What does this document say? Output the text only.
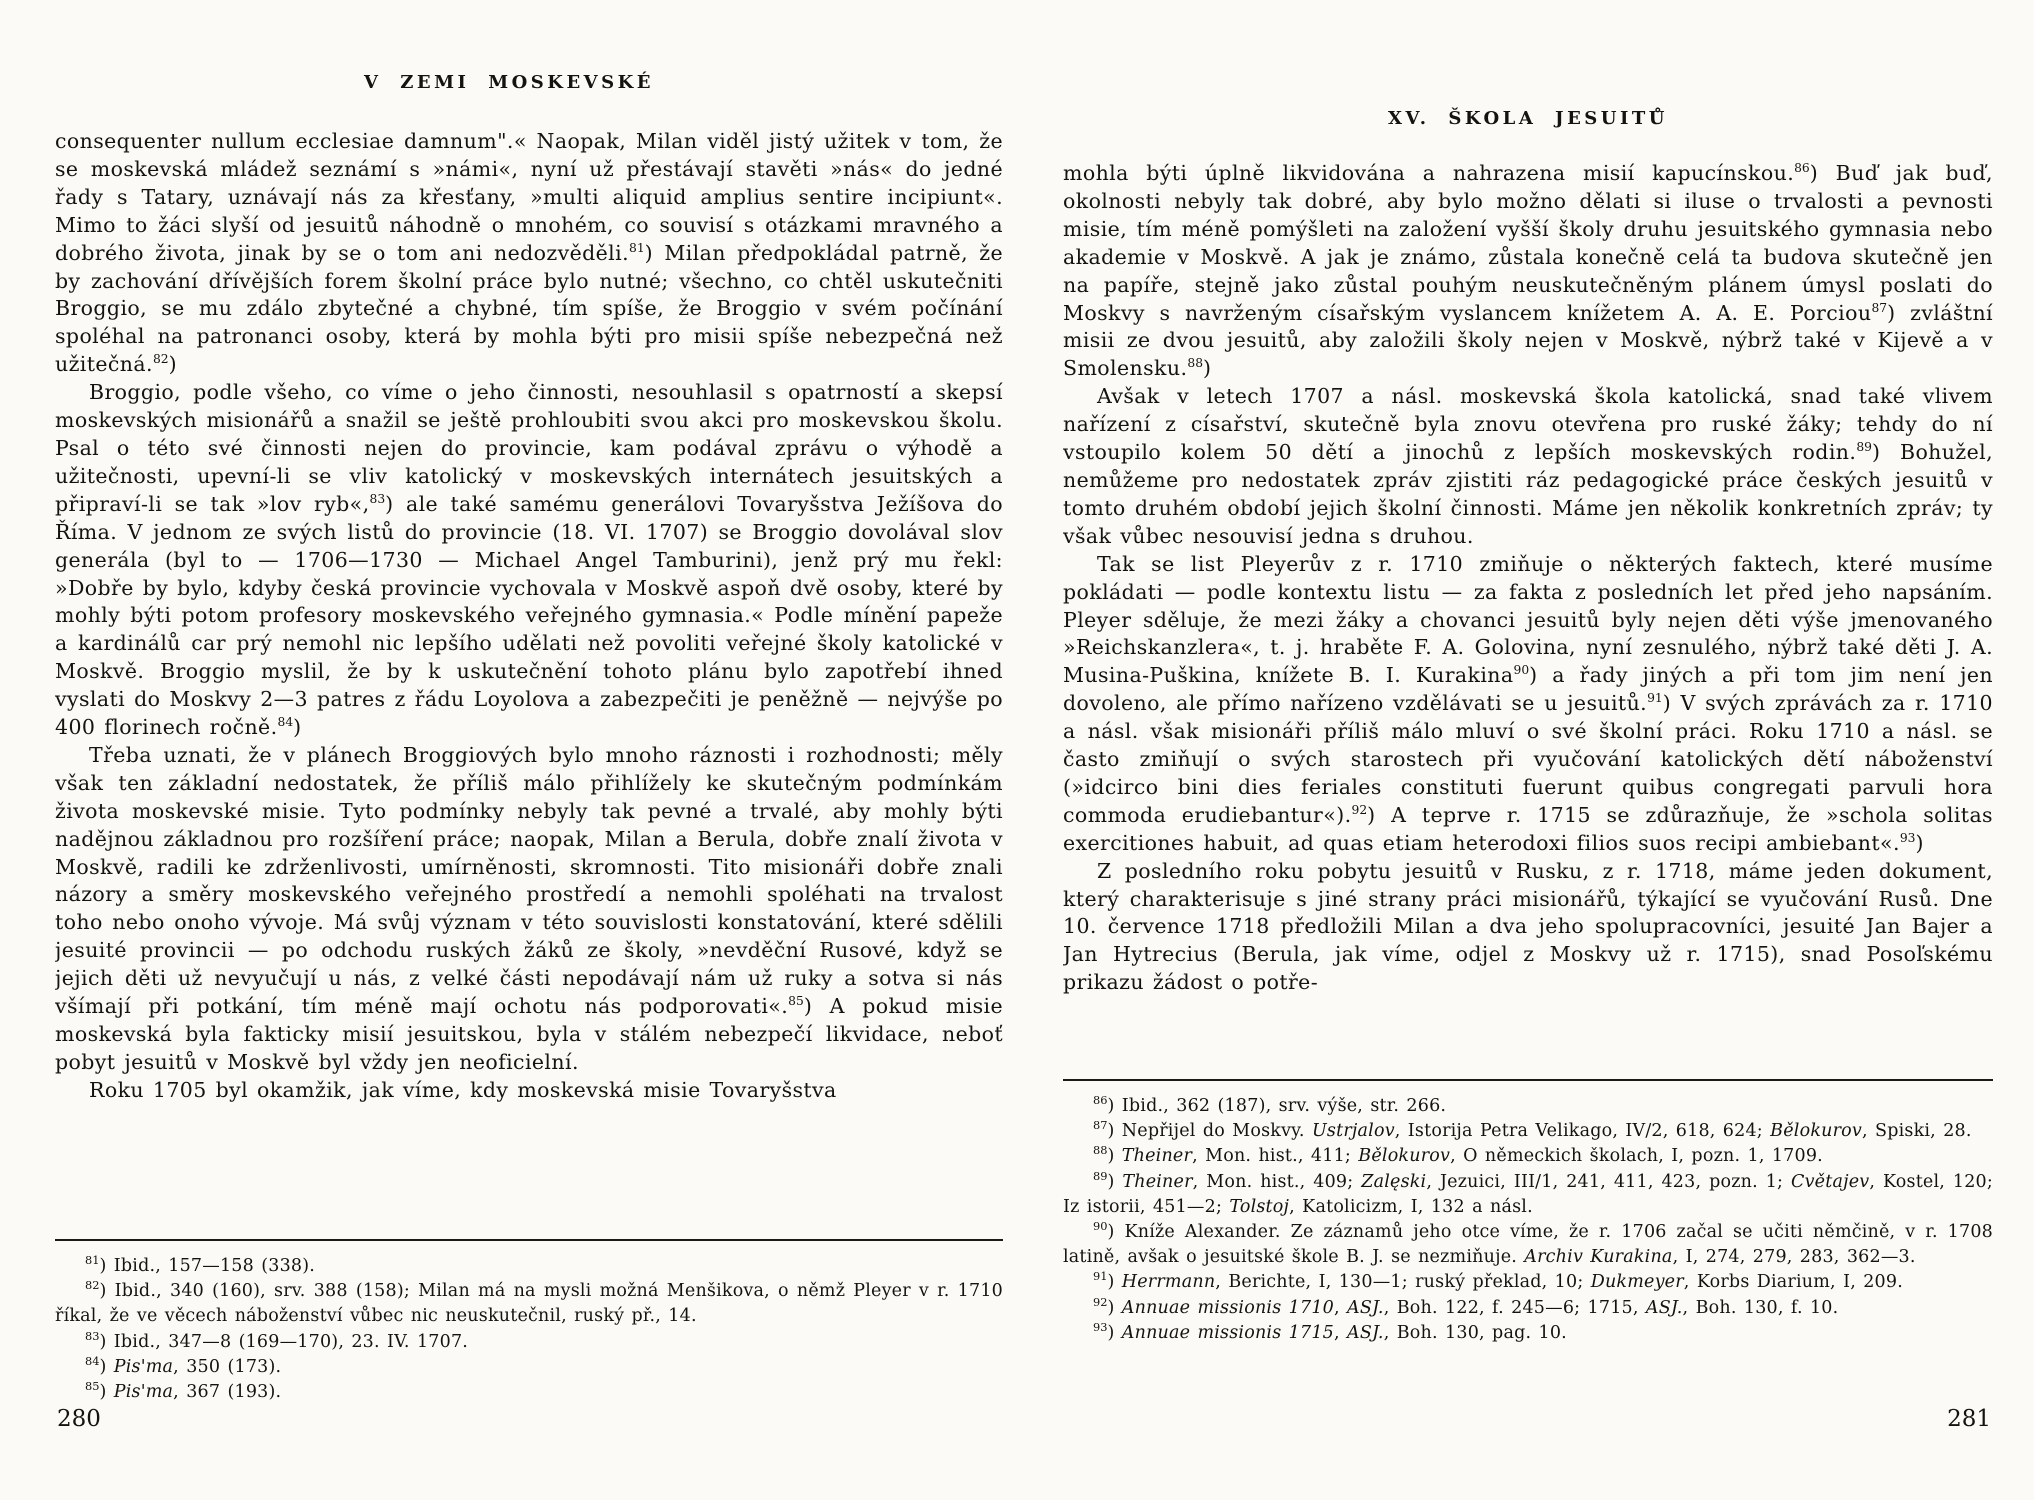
V ZEMI MOSKEVSKÉ

consequenter nullum ecclesiae damnum".« Naopak, Milan viděl jistý užitek v tom, že se moskevská mládež seznámí s »námi«, nyní už přestávají stavěti »nás« do jedné řady s Tatary, uznávají nás za křesťany, »multi aliquid amplius sentire incipiunt«. Mimo to žáci slyší od jesuitů náhodně o mnohém, co souvisí s otázkami mravného a dobrého života, jinak by se o tom ani nedozvěděli.$^{81}$) Milan předpokládal patrně, že by zachování dřívějších forem školní práce bylo nutné; všechno, co chtěl uskutečniti Broggio, se mu zdálo zbytečné a chybné, tím spíše, že Broggio v svém počínání spoléhal na patronanci osoby, která by mohla býti pro misii spíše nebezpečná než užitečná.$^{82}$)

Broggio, podle všeho, co víme o jeho činnosti, nesouhlasil s opatrností a skepsí moskevských misionářů a snažil se ještě prohloubiti svou akci pro moskevskou školu. Psal o této své činnosti nejen do provincie, kam podával zprávu o výhodě a užitečnosti, upevní-li se vliv katolický v moskevských internátech jesuitských a připraví-li se tak »lov ryb«,$^{83}$) ale také samému generálovi Tovaryšstva Ježíšova do Říma. V jednom ze svých listů do provincie (18. VI. 1707) se Broggio dovolával slov generála (byl to — 1706—1730 — Michael Angel Tamburini), jenž prý mu řekl: »Dobře by bylo, kdyby česká provincie vychovala v Moskvě aspoň dvě osoby, které by mohly býti potom profesory moskevského veřejného gymnasia.« Podle mínění papeže a kardinálů car prý nemohl nic lepšího udělati než povoliti veřejné školy katolické v Moskvě. Broggio myslil, že by k uskutečnění tohoto plánu bylo zapotřebí ihned vyslati do Moskvy 2—3 patres z řádu Loyolova a zabezpečiti je peněžně — nejvýše po 400 florinech ročně.$^{84}$)

Třeba uznati, že v plánech Broggiových bylo mnoho ráznosti i rozhodnosti; měly však ten základní nedostatek, že příliš málo přihlížely ke skutečným podmínkám života moskevské misie. Tyto podmínky nebyly tak pevné a trvalé, aby mohly býti nadějnou základnou pro rozšíření práce; naopak, Milan a Berula, dobře znalí života v Moskvě, radili ke zdrženlivosti, umírněnosti, skromnosti. Tito misionáři dobře znali názory a směry moskevského veřejného prostředí a nemohli spoléhati na trvalost toho nebo onoho vývoje. Má svůj význam v této souvislosti konstatování, které sdělili jesuité provincii — po odchodu ruských žáků ze školy, »nevděční Rusové, když se jejich děti už nevyučují u nás, z velké části nepodávají nám už ruky a sotva si nás všímají při potkání, tím méně mají ochotu nás podporovati«.$^{85}$) A pokud misie moskevská byla fakticky misií jesuitskou, byla v stálém nebezpečí likvidace, neboť pobyt jesuitů v Moskvě byl vždy jen neoficielní.

Roku 1705 byl okamžik, jak víme, kdy moskevská misie Tovaryšstva

$^{81}$) Ibid., 157—158 (338).

$^{82}$) Ibid., 340 (160), srv. 388 (158); Milan má na mysli možná Menšikova, o němž Pleyer v r. 1710 říkal, že ve věcech náboženství vůbec nic neuskutečnil, ruský př., 14.

$^{83}$) Ibid., 347—8 (169—170), 23. IV. 1707.

$^{84}$) Pis'ma, 350 (173).

$^{85}$) Pis'ma, 367 (193).

280
XV. ŠKOLA JESUITŮ

mohla býti úplně likvidována a nahrazena misií kapucínskou.$^{86}$) Buď jak buď, okolnosti nebyly tak dobré, aby bylo možno dělati si iluse o trvalosti a pevnosti misie, tím méně pomýšleti na založení vyšší školy druhu jesuitského gymnasia nebo akademie v Moskvě. A jak je známo, zůstala konečně celá ta budova skutečně jen na papíře, stejně jako zůstal pouhým neuskutečněným plánem úmysl poslati do Moskvy s navrženým císařským vyslancem knížetem A. A. E. Porciou$^{87}$) zvláštní misii ze dvou jesuitů, aby založili školy nejen v Moskvě, nýbrž také v Kijevě a v Smolensku.$^{88}$)

Avšak v letech 1707 a násl. moskevská škola katolická, snad také vlivem nařízení z císařství, skutečně byla znovu otevřena pro ruské žáky; tehdy do ní vstoupilo kolem 50 dětí a jinochů z lepších moskevských rodin.$^{89}$) Bohužel, nemůžeme pro nedostatek zpráv zjistiti ráz pedagogické práce českých jesuitů v tomto druhém období jejich školní činnosti. Máme jen několik konkretních zpráv; ty však vůbec nesouvisí jedna s druhou.

Tak se list Pleyerův z r. 1710 zmiňuje o některých faktech, které musíme pokládati — podle kontextu listu — za fakta z posledních let před jeho napsáním. Pleyer sděluje, že mezi žáky a chovanci jesuitů byly nejen děti výše jmenovaného »Reichskanzlera«, t. j. hraběte F. A. Golovina, nyní zesnulého, nýbrž také děti J. A. Musina-Puškina, knížete B. I. Kurakina$^{90}$) a řady jiných a při tom jim není jen dovoleno, ale přímo nařízeno vzdělávati se u jesuitů.$^{91}$) V svých zprávách za r. 1710 a násl. však misionáři příliš málo mluví o své školní práci. Roku 1710 a násl. se často zmiňují o svých starostech při vyučování katolických dětí náboženství (»idcirco bini dies feriales constituti fuerunt quibus congregati parvuli hora commoda erudiebantur«).$^{92}$) A teprve r. 1715 se zdůrazňuje, že »schola solitas exercitiones habuit, ad quas etiam heterodoxi filios suos recipi ambiebant«.$^{93}$)

Z posledního roku pobytu jesuitů v Rusku, z r. 1718, máme jeden dokument, který charakterisuje s jiné strany práci misionářů, týkající se vyučování Rusů. Dne 10. července 1718 předložili Milan a dva jeho spolupracovníci, jesuité Jan Bajer a Jan Hytrecius (Berula, jak víme, odjel z Moskvy už r. 1715), snad Posoľskému prikazu žádost o potře-

$^{86}$) Ibid., 362 (187), srv. výše, str. 266.

$^{87}$) Nepřijel do Moskvy. Ustrjalov, Istorija Petra Velikago, IV/2, 618, 624; Bělokurov, Spiski, 28.

$^{88}$) Theiner, Mon. hist., 411; Bělokurov, O německich školach, I, pozn. 1, 1709.

$^{89}$) Theiner, Mon. hist., 409; Zalęski, Jezuici, III/1, 241, 411, 423, pozn. 1; Cvětajev, Kostel, 120; Iz istorii, 451—2; Tolstoj, Katolicizm, I, 132 a násl.

$^{90}$) Kníže Alexander. Ze záznamů jeho otce víme, že r. 1706 začal se učiti němčině, v r. 1708 latině, avšak o jesuitské škole B. J. se nezmiňuje. Archiv Kurakina, I, 274, 279, 283, 362—3.

$^{91}$) Herrmann, Berichte, I, 130—1; ruský překlad, 10; Dukmeyer, Korbs Diarium, I, 209.

$^{92}$) Annuae missionis 1710, ASJ., Boh. 122, f. 245—6; 1715, ASJ., Boh. 130, f. 10.

$^{93}$) Annuae missionis 1715, ASJ., Boh. 130, pag. 10.

281
